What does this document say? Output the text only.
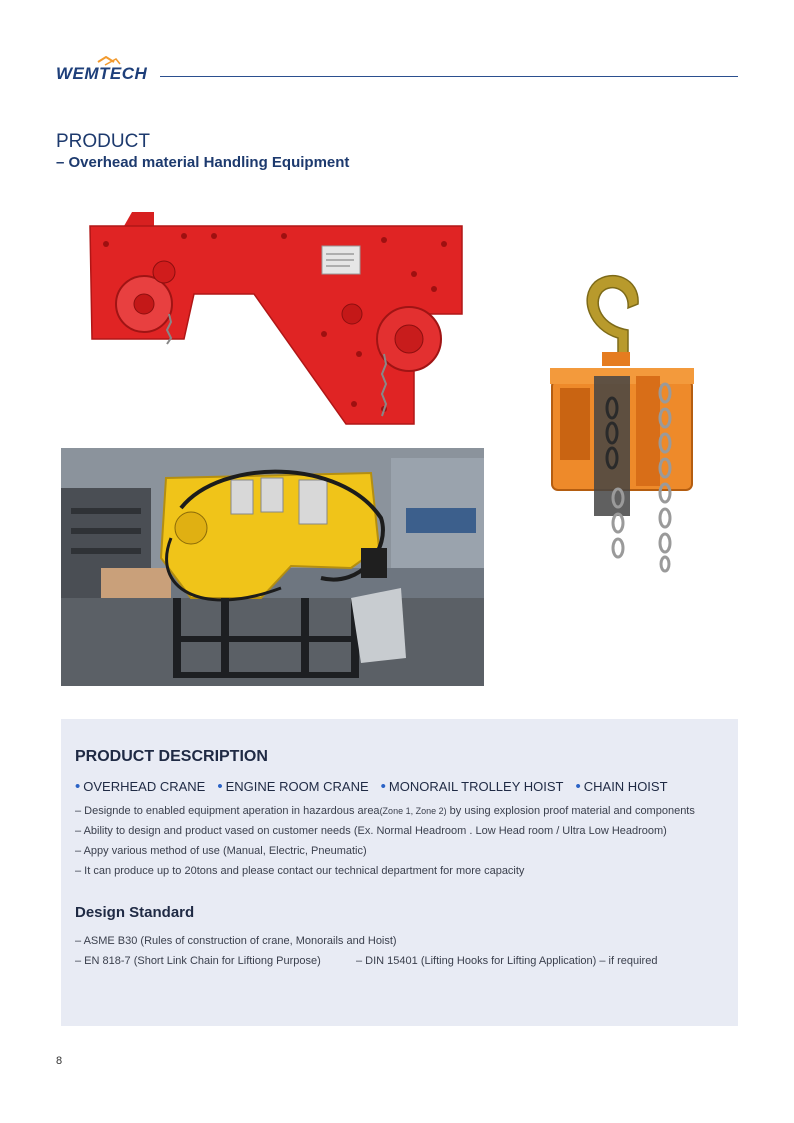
WEMTECH
PRODUCT
– Overhead material Handling Equipment
PRODUCT DESCRIPTION
• OVERHEAD CRANE • ENGINE ROOM CRANE • MONORAIL TROLLEY HOIST • CHAIN HOIST
– Designde to enabled equipment aperation in hazardous area(Zone 1, Zone 2) by using explosion proof material and components
– Ability to design and product vased on customer needs (Ex. Normal Headroom . Low Head room / Ultra Low Headroom)
– Appy various method of use (Manual, Electric, Pneumatic)
– It can produce up to 20tons and please contact our technical department for more capacity
Design Standard
– ASME B30 (Rules of construction of crane, Monorails and Hoist)
– EN 818-7 (Short Link Chain for Liftiong Purpose)	– DIN 15401 (Lifting Hooks for Lifting Application) – if required
8
